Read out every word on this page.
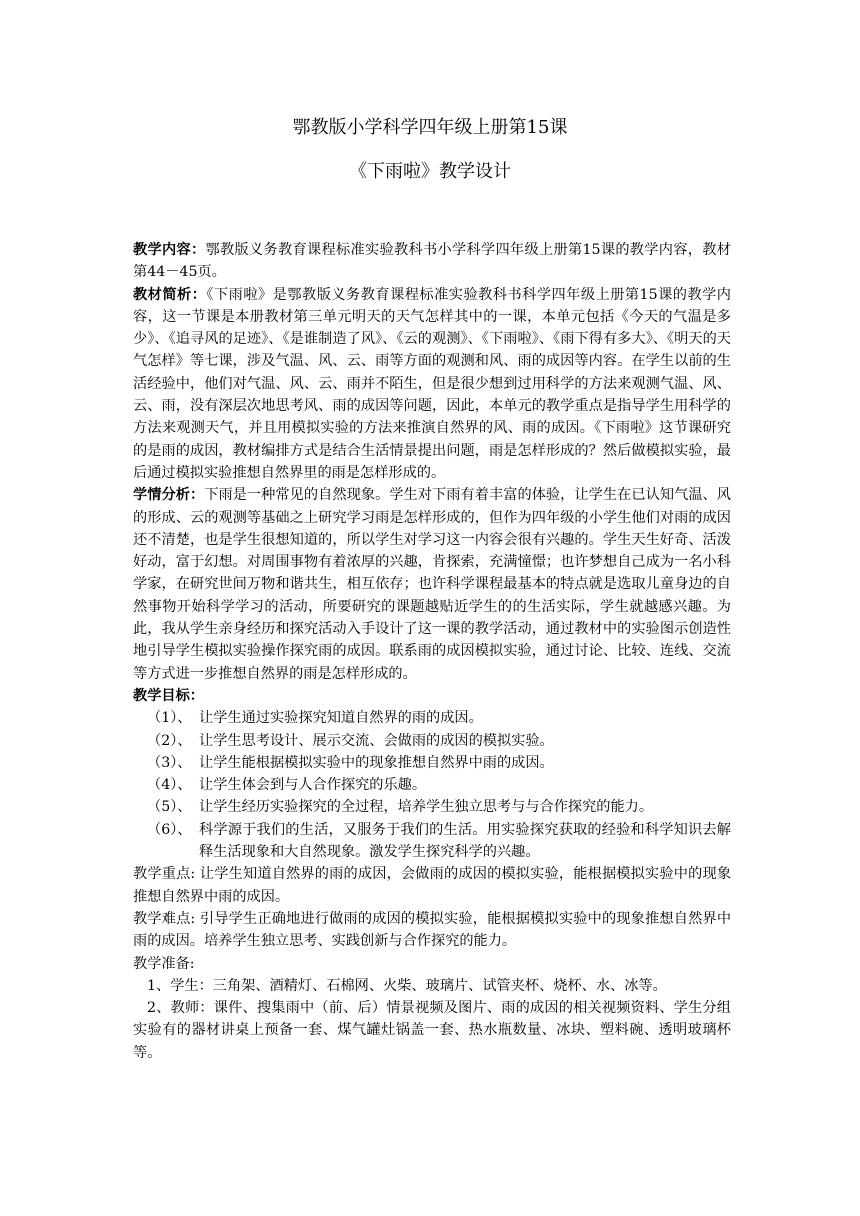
鄂教版小学科学四年级上册第15课
《下雨啦》教学设计

教学内容：鄂教版义务教育课程标准实验教科书小学科学四年级上册第15课的教学内容，教材第44－45页。

教材简析：《下雨啦》是鄂教版义务教育课程标准实验教科书科学四年级上册第15课的教学内容，这一节课是本册教材第三单元明天的天气怎样其中的一课，本单元包括《今天的气温是多少》、《追寻风的足迹》、《是谁制造了风》、《云的观测》、《下雨啦》、《雨下得有多大》、《明天的天气怎样》等七课，涉及气温、风、云、雨等方面的观测和风、雨的成因等内容。在学生以前的生活经验中，他们对气温、风、云、雨并不陌生，但是很少想到过用科学的方法来观测气温、风、云、雨，没有深层次地思考风、雨的成因等问题，因此，本单元的教学重点是指导学生用科学的方法来观测天气，并且用模拟实验的方法来推演自然界的风、雨的成因。《下雨啦》这节课研究的是雨的成因，教材编排方式是结合生活情景提出问题，雨是怎样形成的？然后做模拟实验，最后通过模拟实验推想自然界里的雨是怎样形成的。

学情分析：下雨是一种常见的自然现象。学生对下雨有着丰富的体验，让学生在已认知气温、风的形成、云的观测等基础之上研究学习雨是怎样形成的，但作为四年级的小学生他们对雨的成因还不清楚，也是学生很想知道的，所以学生对学习这一内容会很有兴趣的。学生天生好奇、活泼好动，富于幻想。对周围事物有着浓厚的兴趣，肯探索，充满憧憬；也许梦想自己成为一名小科学家，在研究世间万物和谐共生，相互依存；也许科学课程最基本的特点就是选取儿童身边的自然事物开始科学学习的活动，所要研究的课题越贴近学生的的生活实际，学生就越感兴趣。为此，我从学生亲身经历和探究活动入手设计了这一课的教学活动，通过教材中的实验图示创造性地引导学生模拟实验操作探究雨的成因。联系雨的成因模拟实验，通过讨论、比较、连线、交流等方式进一步推想自然界的雨是怎样形成的。

教学目标：

（1）、 让学生通过实验探究知道自然界的雨的成因。
（2）、 让学生思考设计、展示交流、会做雨的成因的模拟实验。
（3）、 让学生能根据模拟实验中的现象推想自然界中雨的成因。
（4）、 让学生体会到与人合作探究的乐趣。
（5）、 让学生经历实验探究的全过程，培养学生独立思考与与合作探究的能力。
（6）、 科学源于我们的生活，又服务于我们的生活。用实验探究获取的经验和科学知识去解释生活现象和大自然现象。激发学生探究科学的兴趣。

教学重点: 让学生知道自然界的雨的成因，会做雨的成因的模拟实验，能根据模拟实验中的现象推想自然界中雨的成因。

教学难点: 引导学生正确地进行做雨的成因的模拟实验，能根据模拟实验中的现象推想自然界中雨的成因。培养学生独立思考、实践创新与合作探究的能力。

教学准备:

1、学生：三角架、酒精灯、石棉网、火柴、玻璃片、试管夹杯、烧杯、水、冰等。

2、教师：课件、搜集雨中（前、后）情景视频及图片、雨的成因的相关视频资料、学生分组实验有的器材讲桌上预备一套、煤气罐灶锅盖一套、热水瓶数量、冰块、塑料碗、透明玻璃杯等。
